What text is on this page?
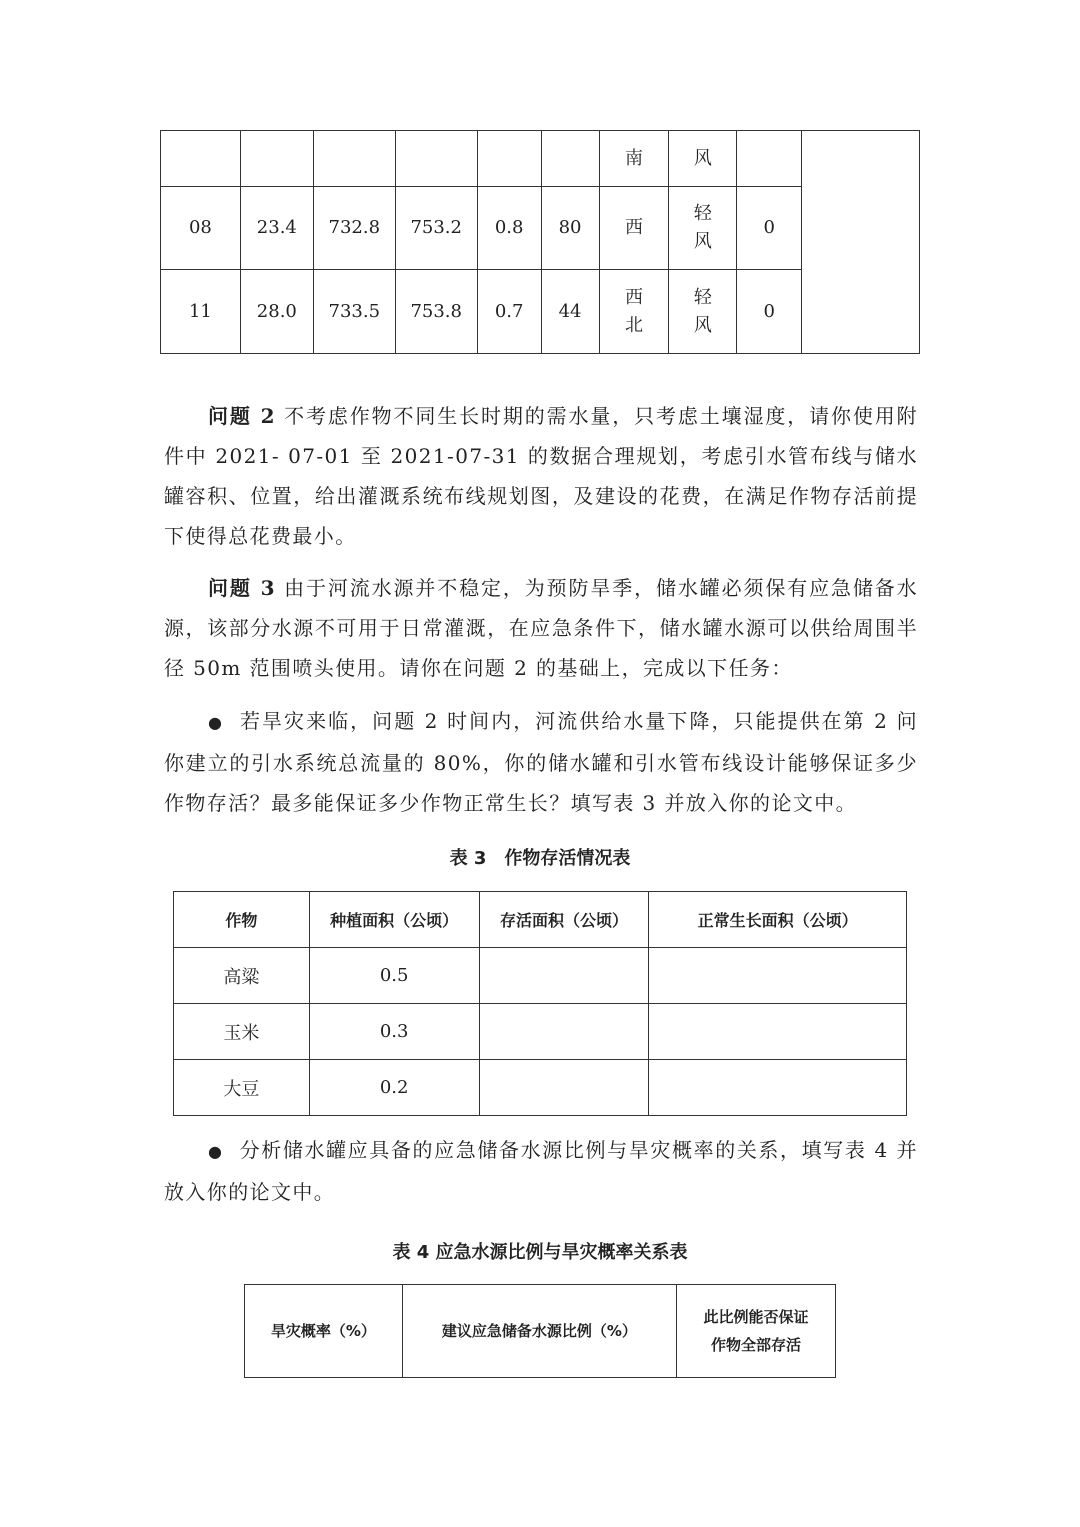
						南	风		
08	23.4	732.8	753.2	0.8	80	西	轻风	0	
11	28.0	733.5	753.8	0.7	44	西北	轻风	0	

问题 2 不考虑作物不同生长时期的需水量，只考虑土壤湿度，请你使用附件中 2021- 07-01 至 2021-07-31 的数据合理规划，考虑引水管布线与储水罐容积、位置，给出灌溉系统布线规划图，及建设的花费，在满足作物存活前提下使得总花费最小。

问题 3 由于河流水源并不稳定，为预防旱季，储水罐必须保有应急储备水源，该部分水源不可用于日常灌溉，在应急条件下，储水罐水源可以供给周围半径 50m 范围喷头使用。请你在问题 2 的基础上，完成以下任务：

● 若旱灾来临，问题 2 时间内，河流供给水量下降，只能提供在第 2 问你建立的引水系统总流量的 80%，你的储水罐和引水管布线设计能够保证多少作物存活？最多能保证多少作物正常生长？填写表 3 并放入你的论文中。

表 3　作物存活情况表

作物	种植面积（公顷）	存活面积（公顷）	正常生长面积（公顷）
高粱	0.5		
玉米	0.3		
大豆	0.2		

● 分析储水罐应具备的应急储备水源比例与旱灾概率的关系，填写表 4 并放入你的论文中。

表 4 应急水源比例与旱灾概率关系表

旱灾概率（%）	建议应急储备水源比例（%）	此比例能否保证作物全部存活
